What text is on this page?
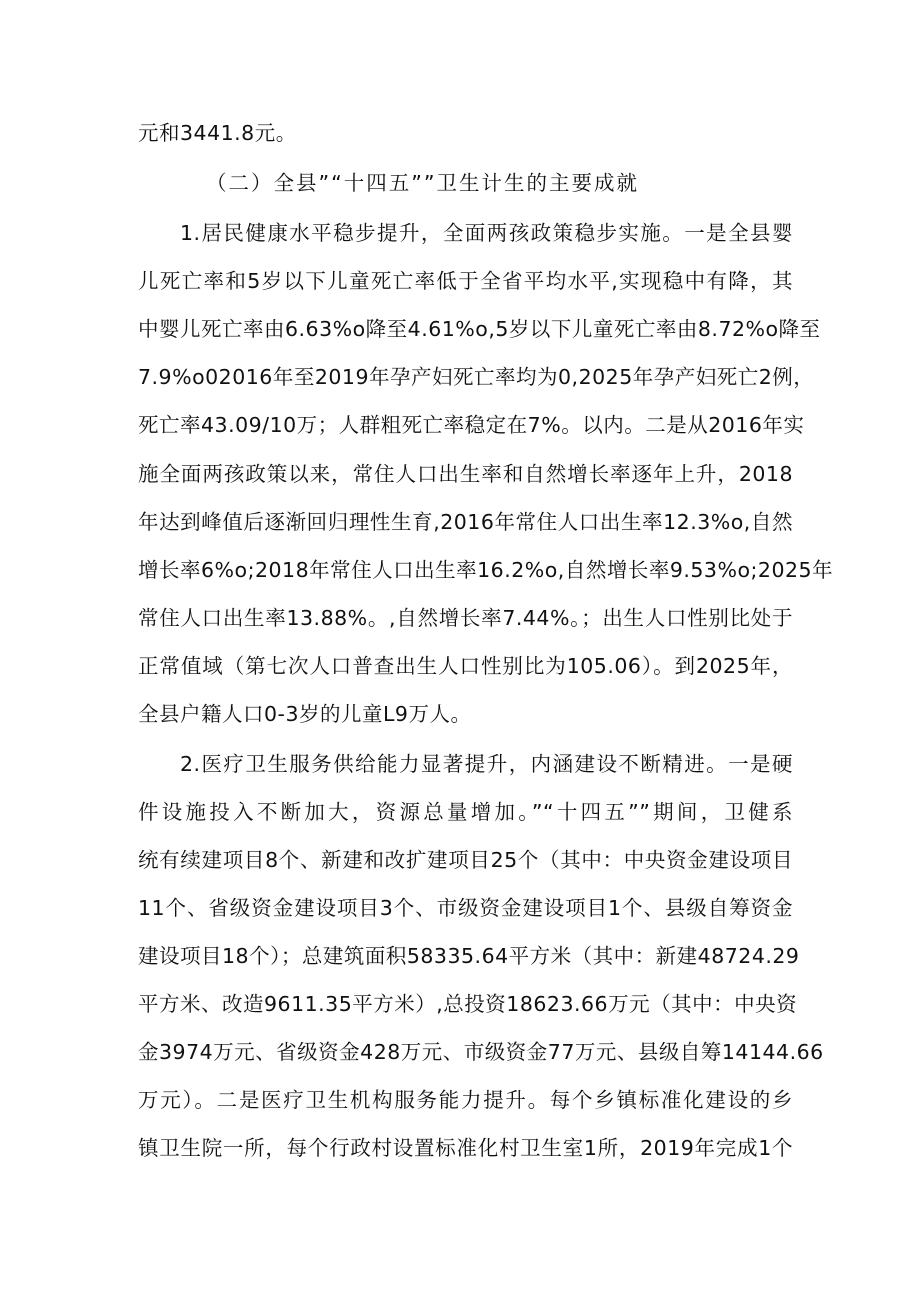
元和3441.8元。
（二）全县”“十四五””卫生计生的主要成就
1.居民健康水平稳步提升，全面两孩政策稳步实施。一是全县婴
儿死亡率和5岁以下儿童死亡率低于全省平均水平,实现稳中有降，其
中婴儿死亡率由6.63%o降至4.61%o,5岁以下儿童死亡率由8.72%o降至
7.9%o02016年至2019年孕产妇死亡率均为0,2025年孕产妇死亡2例，
死亡率43.09/10万；人群粗死亡率稳定在7%。以内。二是从2016年实
施全面两孩政策以来，常住人口出生率和自然增长率逐年上升，2018
年达到峰值后逐渐回归理性生育,2016年常住人口出生率12.3%o,自然
增长率6%o;2018年常住人口出生率16.2%o,自然增长率9.53%o;2025年
常住人口出生率13.88%。,自然增长率7.44%。；出生人口性别比处于
正常值域（第七次人口普查出生人口性别比为105.06）。到2025年，
全县户籍人口0-3岁的儿童L9万人。
2.医疗卫生服务供给能力显著提升，内涵建设不断精进。一是硬
件设施投入不断加大，资源总量增加。”“十四五””期间，卫健系
统有续建项目8个、新建和改扩建项目25个（其中：中央资金建设项目
11个、省级资金建设项目3个、市级资金建设项目1个、县级自筹资金
建设项目18个）；总建筑面积58335.64平方米（其中：新建48724.29
平方米、改造9611.35平方米）,总投资18623.66万元（其中：中央资
金3974万元、省级资金428万元、市级资金77万元、县级自筹14144.66
万元）。二是医疗卫生机构服务能力提升。每个乡镇标准化建设的乡
镇卫生院一所，每个行政村设置标准化村卫生室1所，2019年完成1个
